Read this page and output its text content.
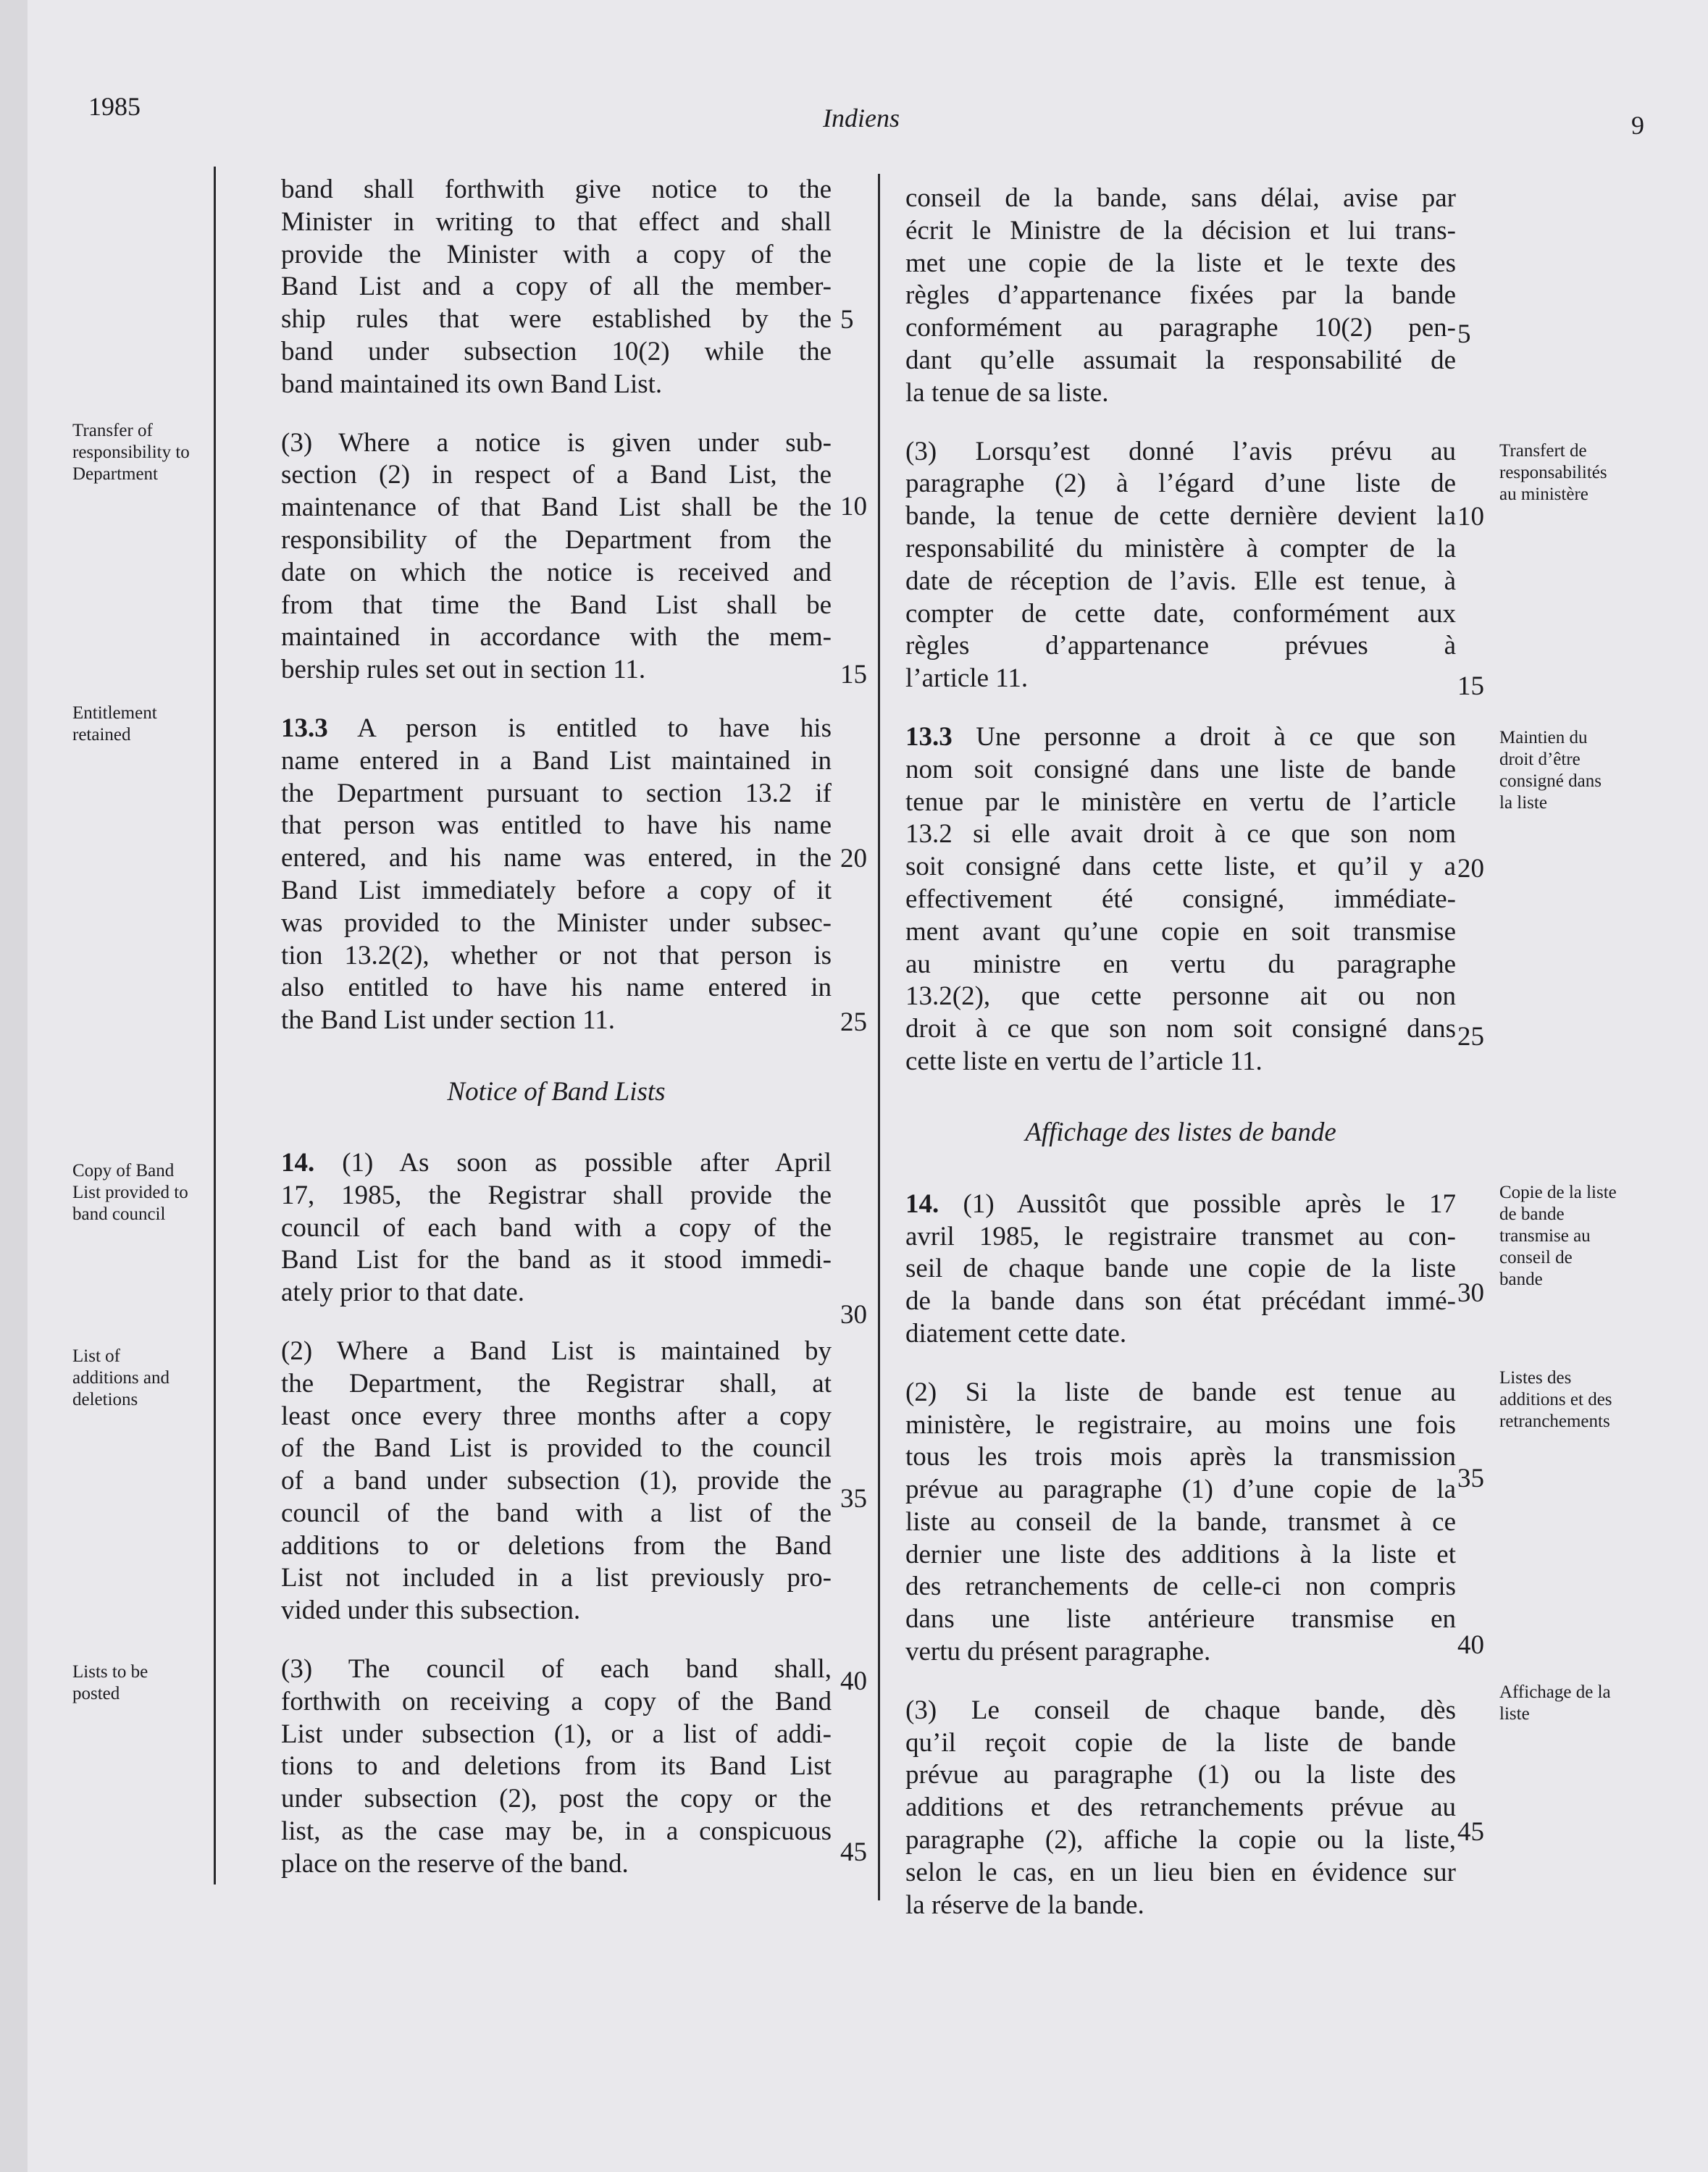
1985	Indiens	9
Transfer of
responsibility to
Department
Entitlement
retained
Copy of Band
List provided to
band council
List of
additions and
deletions
Lists to be
posted
Transfert de
responsabilités
au ministère
Maintien du
droit d’être
consigné dans
la liste
Copie de la liste
de bande
transmise au
conseil de
bande
Listes des
additions et des
retranchements
Affichage de la
liste
band shall forthwith give notice to the
Minister in writing to that effect and shall
provide the Minister with a copy of the
Band List and a copy of all the member-
ship rules that were established by the
band under subsection 10(2) while the
band maintained its own Band List.
(3) Where a notice is given under sub-
section (2) in respect of a Band List, the
maintenance of that Band List shall be the
responsibility of the Department from the
date on which the notice is received and
from that time the Band List shall be
maintained in accordance with the mem-
bership rules set out in section 11.
13.3 A person is entitled to have his
name entered in a Band List maintained in
the Department pursuant to section 13.2 if
that person was entitled to have his name
entered, and his name was entered, in the
Band List immediately before a copy of it
was provided to the Minister under subsec-
tion 13.2(2), whether or not that person is
also entitled to have his name entered in
the Band List under section 11.
Notice of Band Lists
14. (1) As soon as possible after April
17, 1985, the Registrar shall provide the
council of each band with a copy of the
Band List for the band as it stood immedi-
ately prior to that date.
(2) Where a Band List is maintained by
the Department, the Registrar shall, at
least once every three months after a copy
of the Band List is provided to the council
of a band under subsection (1), provide the
council of the band with a list of the
additions to or deletions from the Band
List not included in a list previously pro-
vided under this subsection.
(3) The council of each band shall,
forthwith on receiving a copy of the Band
List under subsection (1), or a list of addi-
tions to and deletions from its Band List
under subsection (2), post the copy or the
list, as the case may be, in a conspicuous
place on the reserve of the band.
conseil de la bande, sans délai, avise par
écrit le Ministre de la décision et lui trans-
met une copie de la liste et le texte des
règles d’appartenance fixées par la bande
conformément au paragraphe 10(2) pen-
dant qu’elle assumait la responsabilité de
la tenue de sa liste.
(3) Lorsqu’est donné l’avis prévu au
paragraphe (2) à l’égard d’une liste de
bande, la tenue de cette dernière devient la
responsabilité du ministère à compter de la
date de réception de l’avis. Elle est tenue, à
compter de cette date, conformément aux
règles d’appartenance prévues à
l’article 11.
13.3 Une personne a droit à ce que son
nom soit consigné dans une liste de bande
tenue par le ministère en vertu de l’article
13.2 si elle avait droit à ce que son nom
soit consigné dans cette liste, et qu’il y a
effectivement été consigné, immédiate-
ment avant qu’une copie en soit transmise
au ministre en vertu du paragraphe
13.2(2), que cette personne ait ou non
droit à ce que son nom soit consigné dans
cette liste en vertu de l’article 11.
Affichage des listes de bande
14. (1) Aussitôt que possible après le 17
avril 1985, le registraire transmet au con-
seil de chaque bande une copie de la liste
de la bande dans son état précédant immé-
diatement cette date.
(2) Si la liste de bande est tenue au
ministère, le registraire, au moins une fois
tous les trois mois après la transmission
prévue au paragraphe (1) d’une copie de la
liste au conseil de la bande, transmet à ce
dernier une liste des additions à la liste et
des retranchements de celle-ci non compris
dans une liste antérieure transmise en
vertu du présent paragraphe.
(3) Le conseil de chaque bande, dès
qu’il reçoit copie de la liste de bande
prévue au paragraphe (1) ou la liste des
additions et des retranchements prévue au
paragraphe (2), affiche la copie ou la liste,
selon le cas, en un lieu bien en évidence sur
la réserve de la bande.
5
10
15
20
25
30
35
40
45
5
10
15
20
25
30
35
40
45
